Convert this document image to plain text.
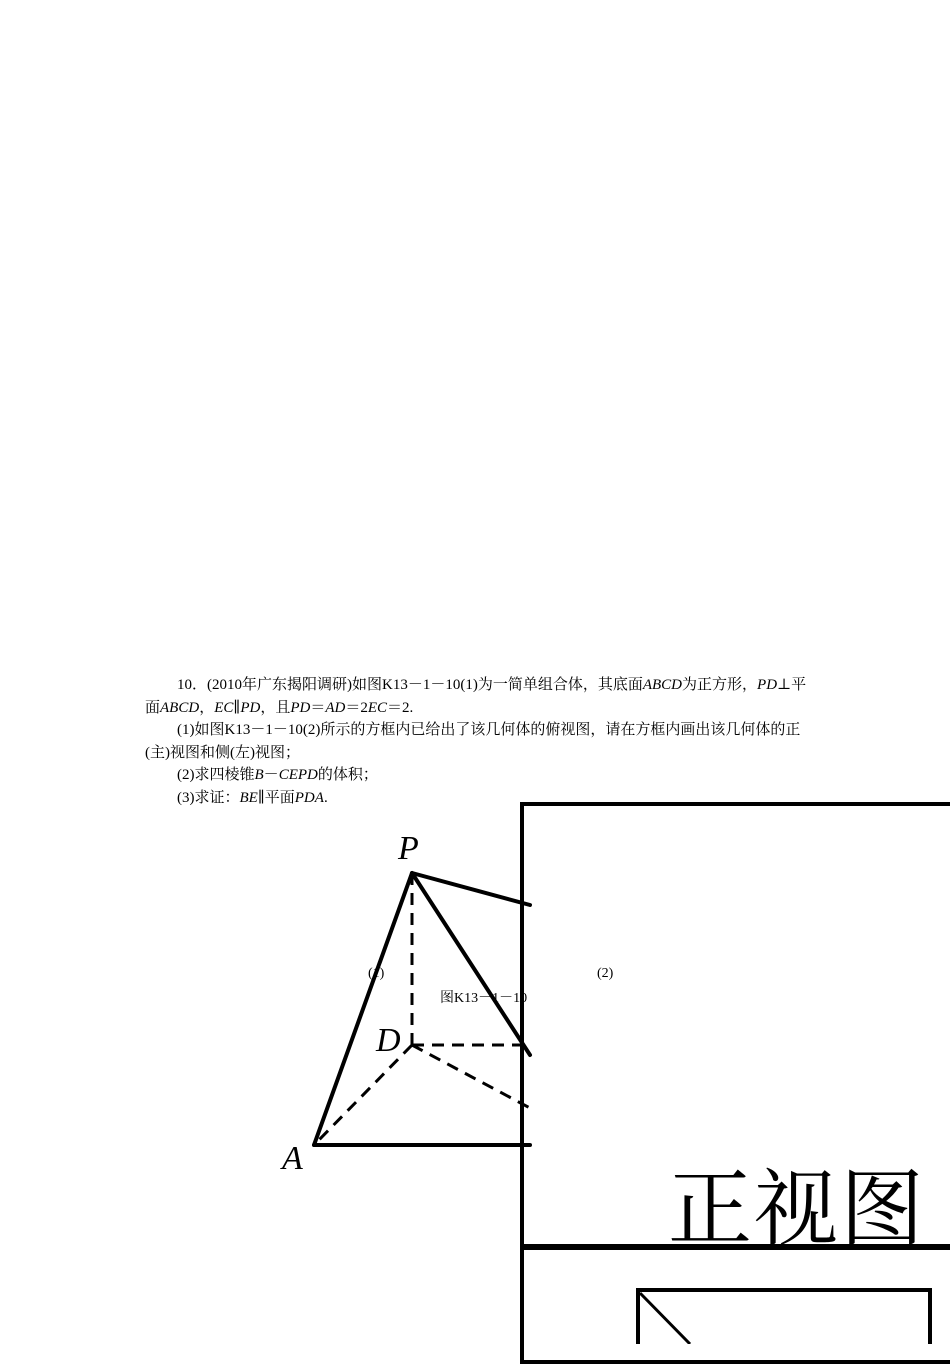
10．(2010年广东揭阳调研)如图K13－1－10(1)为一简单组合体，其底面ABCD为正方形，PD⊥平面ABCD，EC∥PD，且PD＝AD＝2EC＝2.

(1)如图K13－1－10(2)所示的方框内已给出了该几何体的俯视图，请在方框内画出该几何体的正(主)视图和侧(左)视图；

(2)求四棱锥B－CEPD的体积；

(3)求证：BE∥平面PDA.

P
D
A
正视图
(1)	(2)
图K13－1－10
